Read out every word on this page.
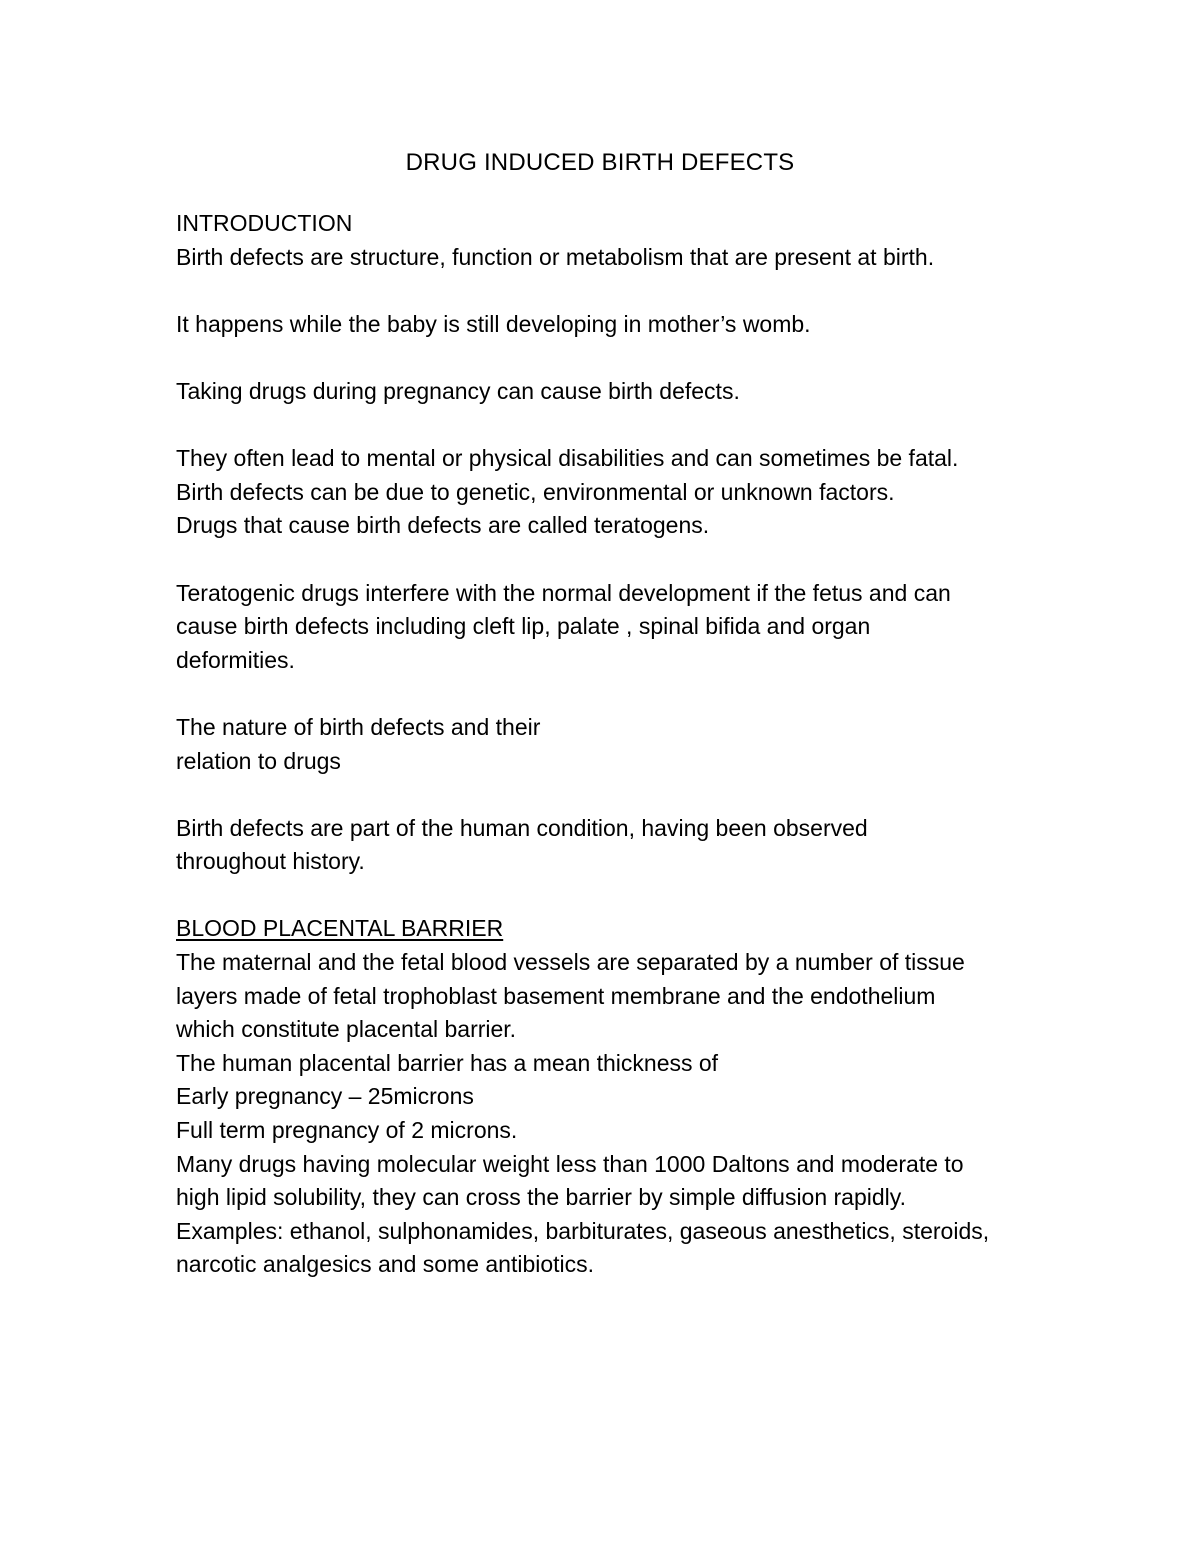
DRUG INDUCED BIRTH DEFECTS
INTRODUCTION
Birth defects are structure, function or metabolism that are present at birth.
It happens while the baby is still developing in mother’s womb.
Taking drugs during pregnancy can cause birth defects.
They often lead to mental or physical disabilities and can sometimes be fatal.
Birth defects can be due to genetic, environmental or unknown factors.
Drugs that cause birth defects are called teratogens.
Teratogenic drugs interfere with the normal development if the fetus and can
cause birth defects including cleft lip, palate , spinal bifida and organ
deformities.
The nature of birth defects and their
relation to drugs
Birth defects are part of the human condition, having been observed
throughout history.
BLOOD PLACENTAL BARRIER
The maternal and the fetal blood vessels are separated by a number of tissue
layers made of fetal trophoblast basement membrane and the endothelium
which constitute placental barrier.
The human placental barrier has a mean thickness of
Early pregnancy – 25microns
Full term pregnancy of 2 microns.
Many drugs having molecular weight less than 1000 Daltons and moderate to
high lipid solubility, they can cross the barrier by simple diffusion rapidly.
Examples: ethanol, sulphonamides, barbiturates, gaseous anesthetics, steroids,
narcotic analgesics and some antibiotics.
